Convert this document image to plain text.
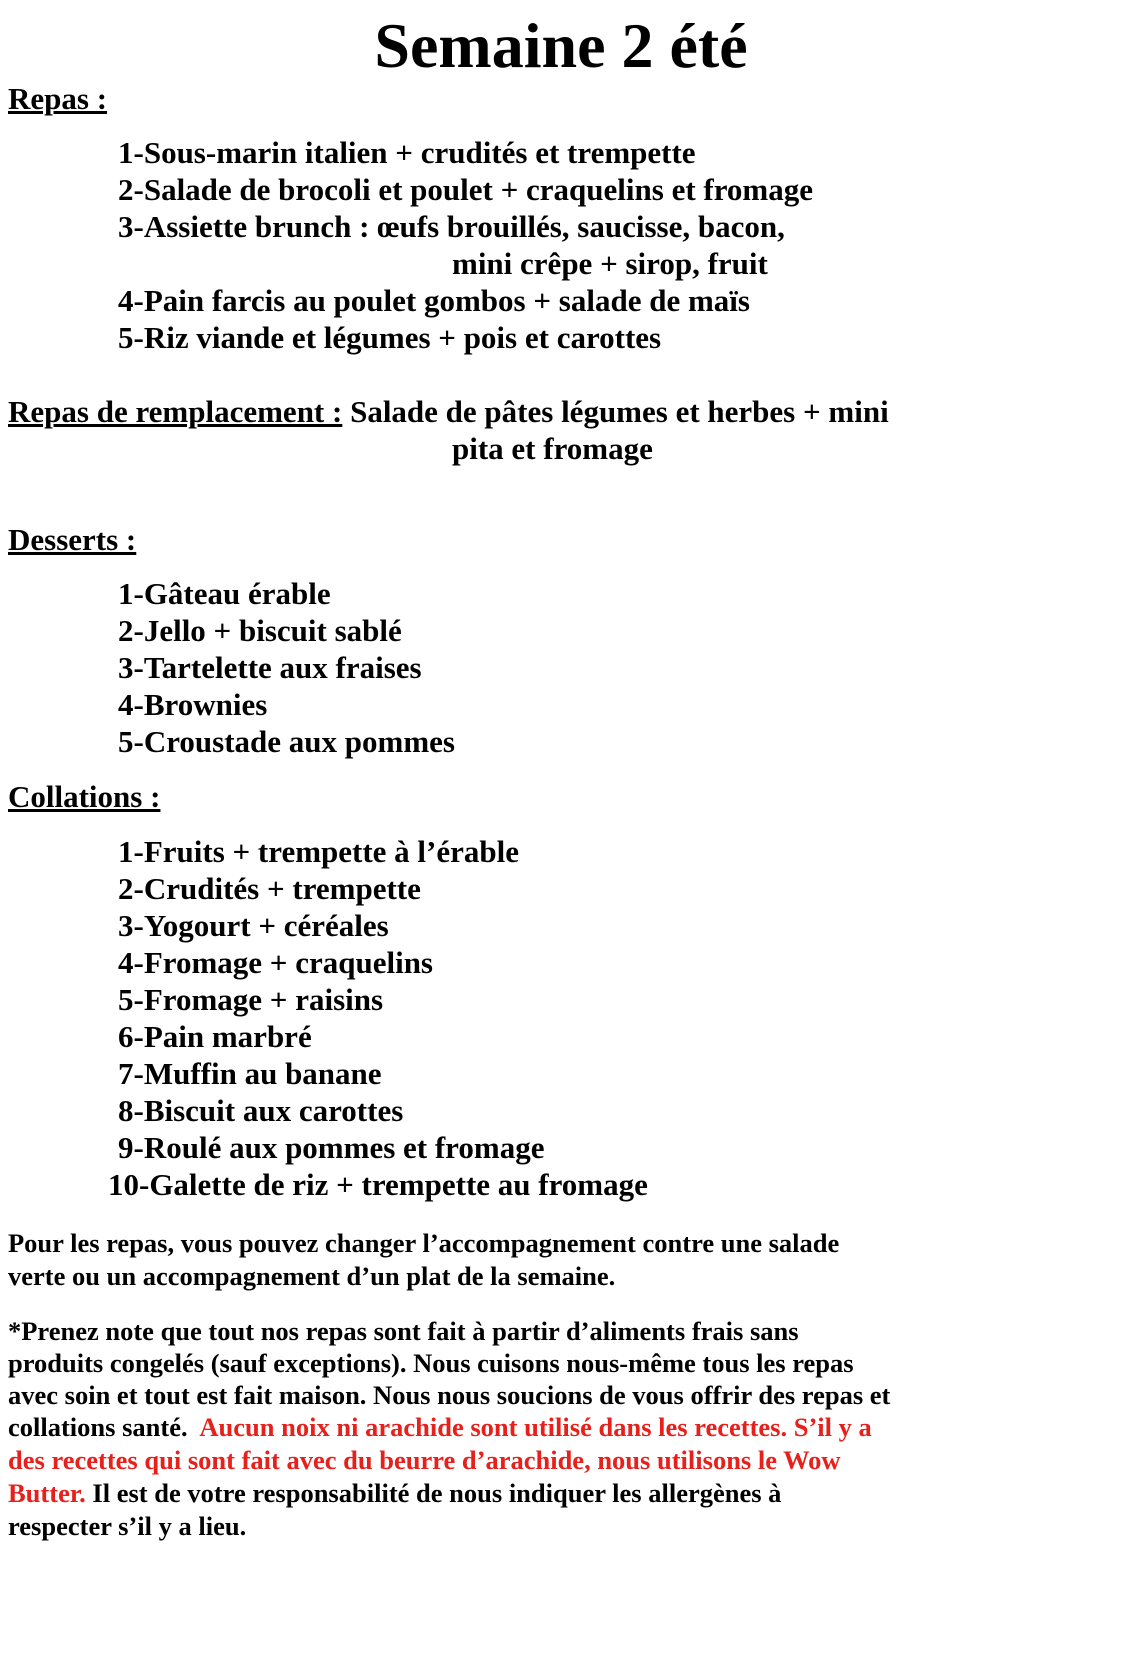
Semaine 2 été
Repas :
1-Sous-marin italien + crudités et trempette
2-Salade de brocoli et poulet + craquelins et fromage
3-Assiette brunch : œufs brouillés, saucisse, bacon,
mini crêpe + sirop, fruit
4-Pain farcis au poulet gombos + salade de maïs
5-Riz viande et légumes + pois et carottes
Repas de remplacement : Salade de pâtes légumes et herbes + mini
pita et fromage
Desserts :
1-Gâteau érable
2-Jello + biscuit sablé
3-Tartelette aux fraises
4-Brownies
5-Croustade aux pommes
Collations :
1-Fruits + trempette à l’érable
2-Crudités + trempette
3-Yogourt + céréales
4-Fromage + craquelins
5-Fromage + raisins
6-Pain marbré
7-Muffin au banane
8-Biscuit aux carottes
9-Roulé aux pommes et fromage
10-Galette de riz + trempette au fromage
Pour les repas, vous pouvez changer l’accompagnement contre une salade
verte ou un accompagnement d’un plat de la semaine.
*Prenez note que tout nos repas sont fait à partir d’aliments frais sans
produits congelés (sauf exceptions). Nous cuisons nous-même tous les repas
avec soin et tout est fait maison. Nous nous soucions de vous offrir des repas et
collations santé. Aucun noix ni arachide sont utilisé dans les recettes. S’il y a
des recettes qui sont fait avec du beurre d’arachide, nous utilisons le Wow
Butter. Il est de votre responsabilité de nous indiquer les allergènes à
respecter s’il y a lieu.
